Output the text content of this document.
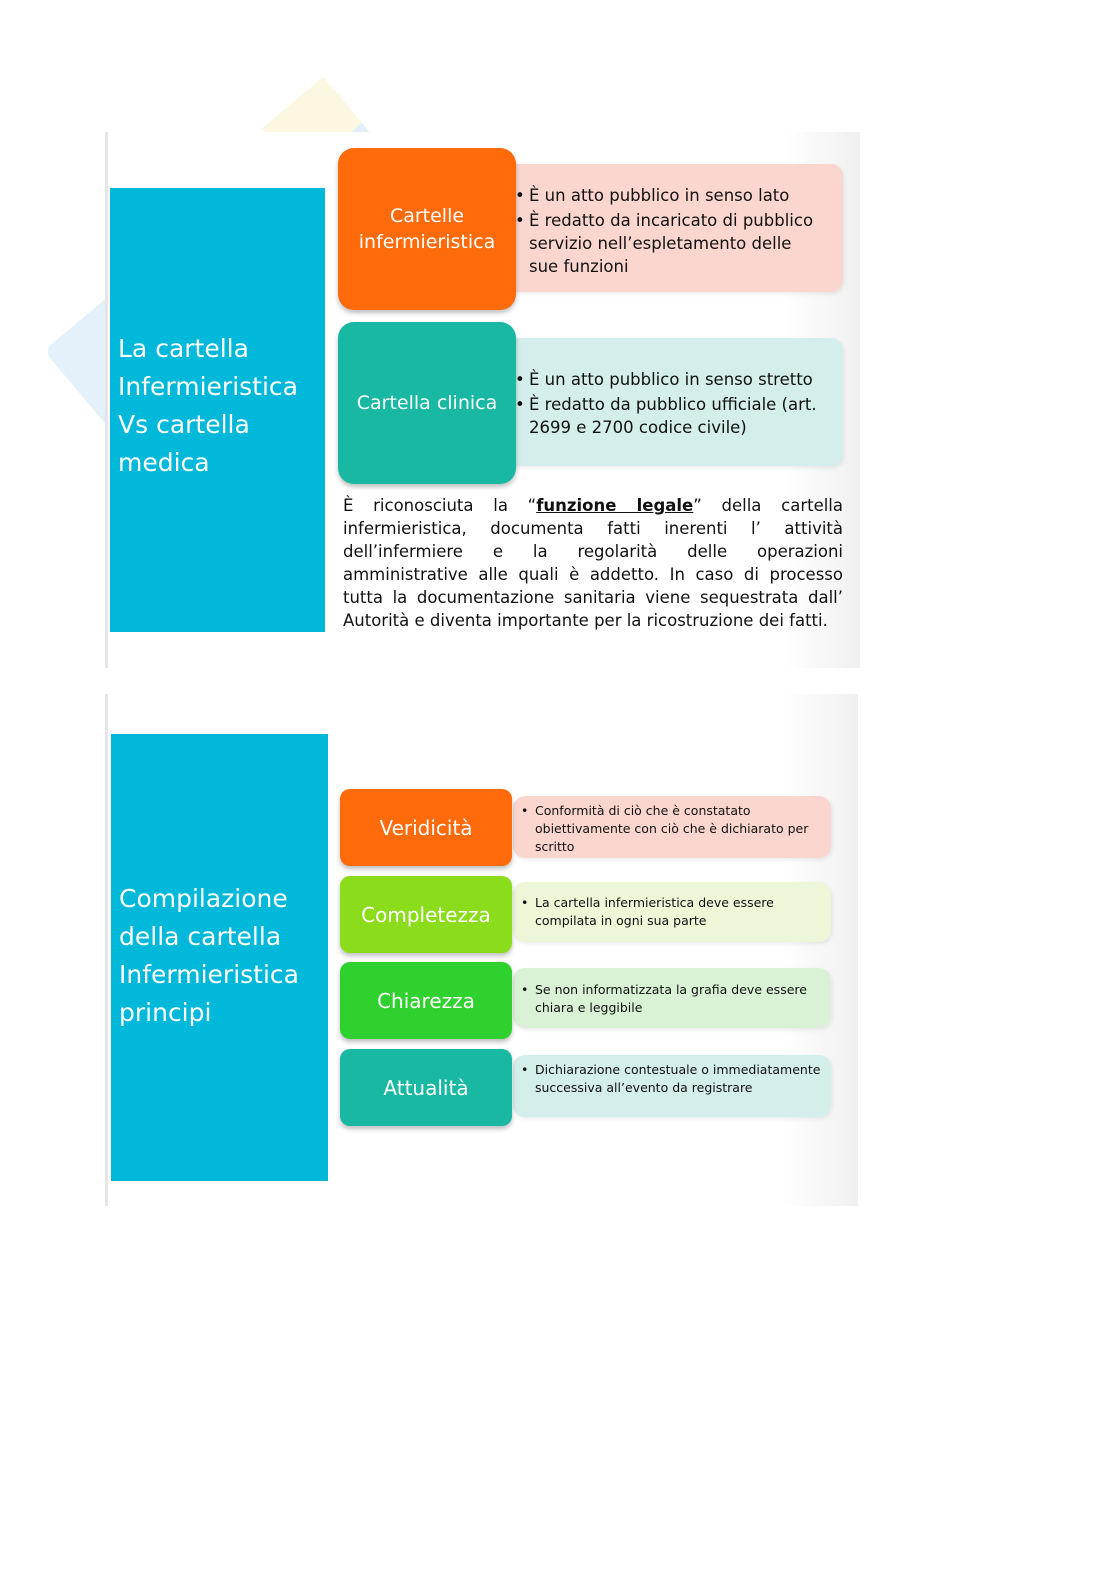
La cartella
Infermieristica
Vs cartella
medica
• È un atto pubblico in senso lato
• È redatto da incaricato di pubblico servizio nell’espletamento delle sue funzioni
Cartelle
infermieristica
• È un atto pubblico in senso stretto
• È redatto da pubblico ufficiale (art. 2699 e 2700 codice civile)
Cartella clinica
È riconosciuta la “funzione legale” della cartella infermieristica, documenta fatti inerenti l’ attività dell’infermiere e la regolarità delle operazioni amministrative alle quali è addetto. In caso di processo tutta la documentazione sanitaria viene sequestrata dall’ Autorità e diventa importante per la ricostruzione dei fatti.
Compilazione
della cartella
Infermieristica
principi
• Conformità di ciò che è constatato obiettivamente con ciò che è dichiarato per scritto
Veridicità
• La cartella infermieristica deve essere compilata in ogni sua parte
Completezza
• Se non informatizzata la grafia deve essere chiara e leggibile
Chiarezza
• Dichiarazione contestuale o immediatamente successiva all’evento da registrare
Attualità
